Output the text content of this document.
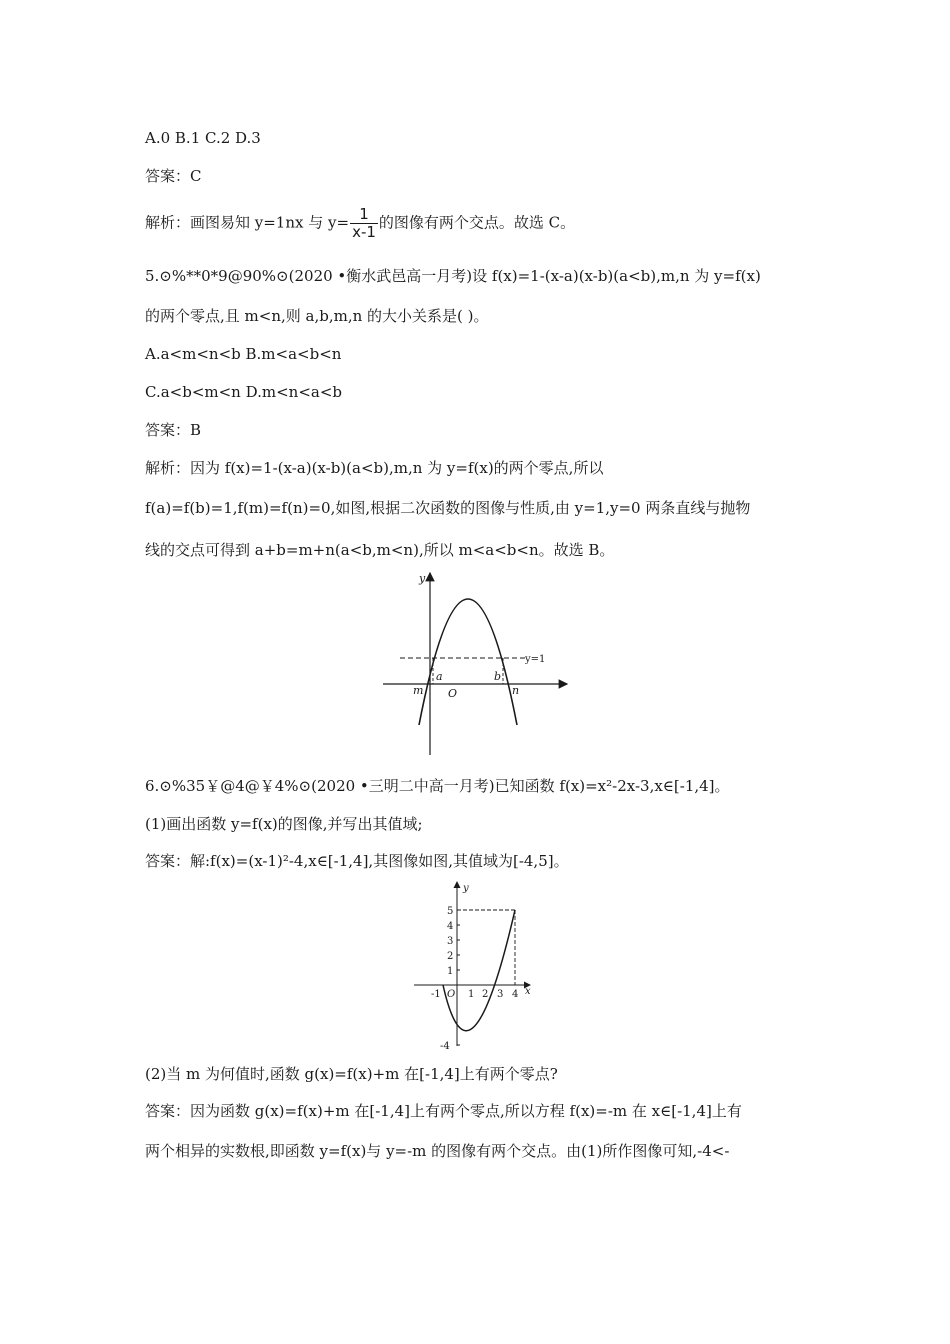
A.0 B.1 C.2 D.3
答案：C
解析：画图易知 y=1nx 与 $y= \frac{1}{x-1}$ 的图像有两个交点。故选 C。
5.⊙%**0*9@90%⊙(2020 •衡水武邑高一月考)设 f(x)=1-(x-a)(x-b)(a<b),m,n 为 y=f(x)
的两个零点,且 m<n,则 a,b,m,n 的大小关系是( )。
A.a<m<n<b B.m<a<b<n
C.a<b<m<n D.m<n<a<b
答案：B
解析：因为 f(x)=1-(x-a)(x-b)(a<b),m,n 为 y=f(x)的两个零点,所以
f(a)=f(b)=1,f(m)=f(n)=0,如图,根据二次函数的图像与性质,由 y=1,y=0 两条直线与抛物
线的交点可得到 a+b=m+n(a<b,m<n),所以 m<a<b<n。故选 B。
y
y=1
a	b
m	n
O
6.⊙%35￥@4@￥4%⊙(2020 •三明二中高一月考)已知函数 f(x)=x²-2x-3,x∈[-1,4]。
(1)画出函数 y=f(x)的图像,并写出其值域;
答案：解:f(x)=(x-1)²-4,x∈[-1,4],其图像如图,其值域为[-4,5]。
y
x
5
4
3
2
1
-4
-1 O 1 2 3 4
(2)当 m 为何值时,函数 g(x)=f(x)+m 在[-1,4]上有两个零点?
答案：因为函数 g(x)=f(x)+m 在[-1,4]上有两个零点,所以方程 f(x)=-m 在 x∈[-1,4]上有
两个相异的实数根,即函数 y=f(x)与 y=-m 的图像有两个交点。由(1)所作图像可知,-4<-
